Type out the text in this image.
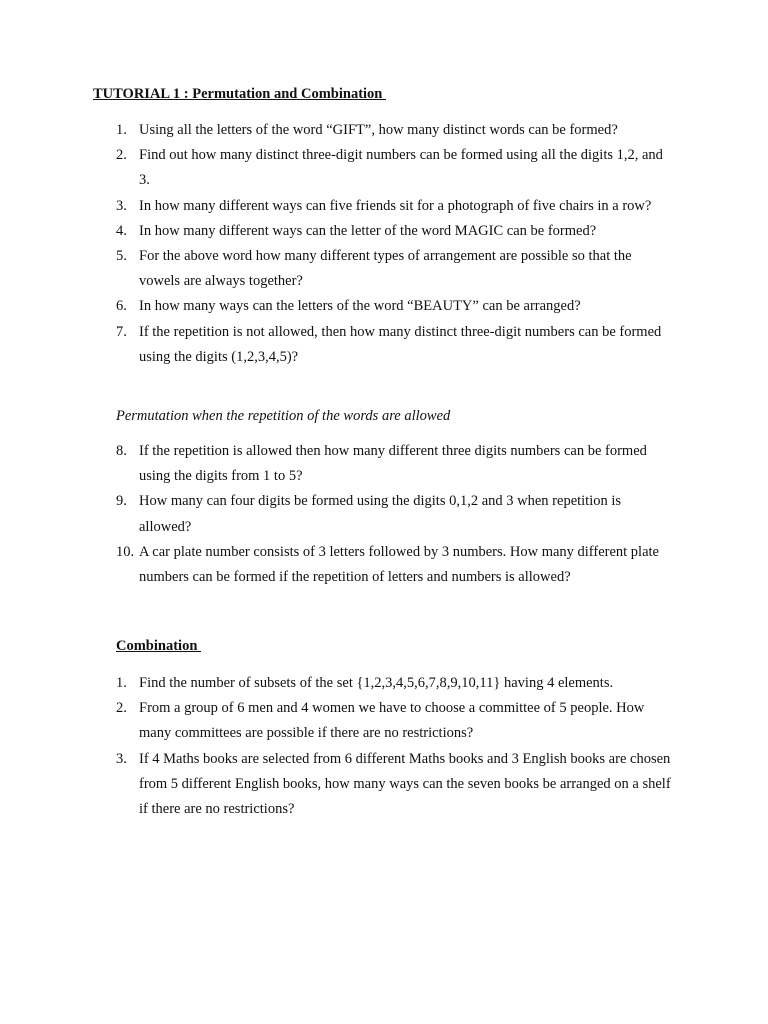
TUTORIAL 1 : Permutation and Combination
1. Using all the letters of the word “GIFT”, how many distinct words can be formed?
2. Find out how many distinct three-digit numbers can be formed using all the digits 1,2, and 3.
3. In how many different ways can five friends sit for a photograph of five chairs in a row?
4. In how many different ways can the letter of the word MAGIC can be formed?
5. For the above word how many different types of arrangement are possible so that the vowels are always together?
6. In how many ways can the letters of the word “BEAUTY” can be arranged?
7. If the repetition is not allowed, then how many distinct three-digit numbers can be formed using the digits (1,2,3,4,5)?
Permutation when the repetition of the words are allowed
8. If the repetition is allowed then how many different three digits numbers can be formed using the digits from 1 to 5?
9. How many can four digits be formed using the digits 0,1,2 and 3 when repetition is allowed?
10. A car plate number consists of 3 letters followed by 3 numbers. How many different plate numbers can be formed if the repetition of letters and numbers is allowed?
Combination
1. Find the number of subsets of the set {1,2,3,4,5,6,7,8,9,10,11} having 4 elements.
2. From a group of 6 men and 4 women we have to choose a committee of 5 people. How many committees are possible if there are no restrictions?
3. If 4 Maths books are selected from 6 different Maths books and 3 English books are chosen from 5 different English books, how many ways can the seven books be arranged on a shelf if there are no restrictions?
